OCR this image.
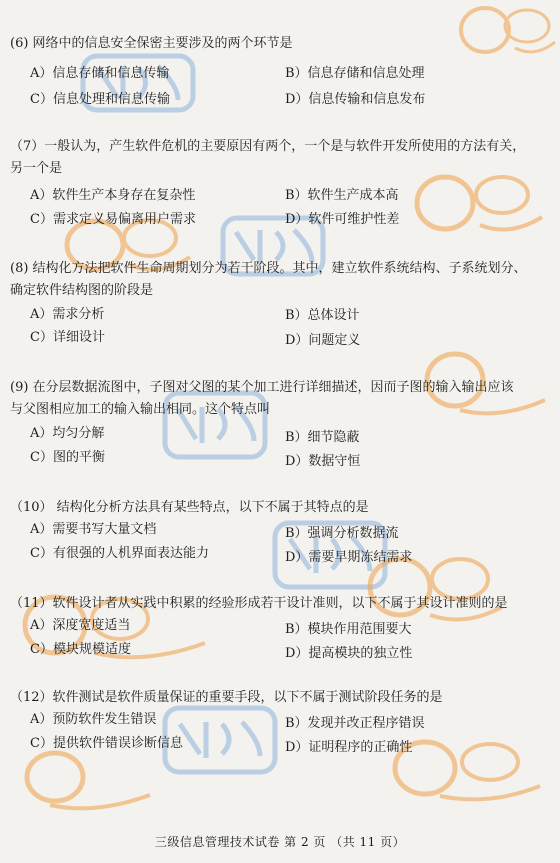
(6) 网络中的信息安全保密主要涉及的两个环节是
A）信息存储和信息传输	B）信息存储和信息处理
C）信息处理和信息传输	D）信息传输和信息发布
（7）一般认为，产生软件危机的主要原因有两个，一个是与软件开发所使用的方法有关，
另一个是
A）软件生产本身存在复杂性	B）软件生产成本高
C）需求定义易偏离用户需求	D）软件可维护性差
(8) 结构化方法把软件生命周期划分为若干阶段。其中，建立软件系统结构、子系统划分、
确定软件结构图的阶段是
A）需求分析	B）总体设计
C）详细设计	D）问题定义
(9) 在分层数据流图中，子图对父图的某个加工进行详细描述，因而子图的输入输出应该
与父图相应加工的输入输出相同。这个特点叫
A）均匀分解	B）细节隐蔽
C）图的平衡	D）数据守恒
（10） 结构化分析方法具有某些特点，以下不属于其特点的是
A）需要书写大量文档	B）强调分析数据流
C）有很强的人机界面表达能力	D）需要早期冻结需求
（11）软件设计者从实践中积累的经验形成若干设计准则，以下不属于其设计准则的是
A）深度宽度适当	B）模块作用范围要大
C）模块规模适度	D）提高模块的独立性
（12）软件测试是软件质量保证的重要手段，以下不属于测试阶段任务的是
A）预防软件发生错误	B）发现并改正程序错误
C）提供软件错误诊断信息	D）证明程序的正确性
三级信息管理技术试卷 第 2 页 （共 11 页）
